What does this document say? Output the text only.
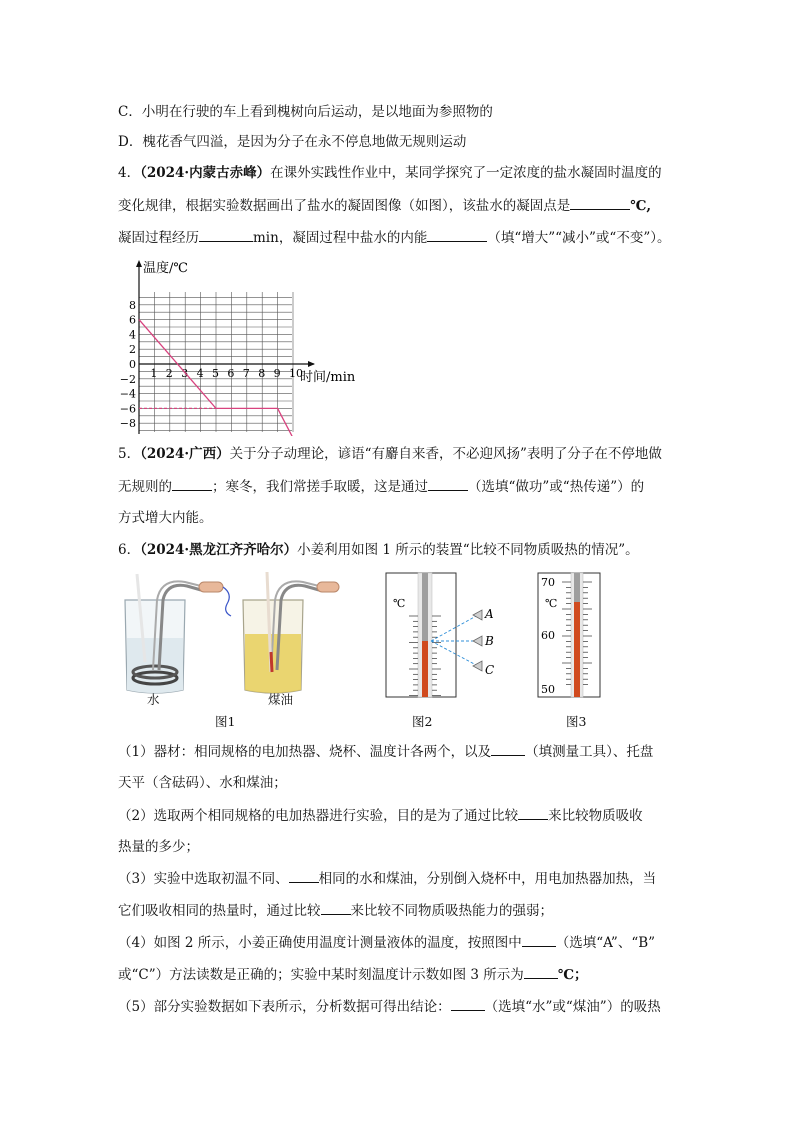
C．小明在行驶的车上看到槐树向后运动，是以地面为参照物的
D．槐花香气四溢，是因为分子在永不停息地做无规则运动
4．（2024·内蒙古赤峰）在课外实践性作业中，某同学探究了一定浓度的盐水凝固时温度的
变化规律，根据实验数据画出了盐水的凝固图像（如图），该盐水的凝固点是	℃,
凝固过程经历	min，凝固过程中盐水的内能	（填“增大”“减小”或“不变”）。
1 2 3 4 5 6 7 8 9 10
8
6
4
2
0
−2
−4
−6
−8
温度/℃
时间/min
5．（2024·广西）关于分子动理论，谚语“有麝自来香，不必迎风扬”表明了分子在不停地做
无规则的	；寒冬，我们常搓手取暖，这是通过	（选填“做功”或“热传递”）的
方式增大内能。
6．（2024·黑龙江齐齐哈尔）小姜利用如图 1 所示的装置“比较不同物质吸热的情况”。
水	煤油
图1
℃
A
B
C
图2
70
℃
60
50
图3
（1）器材：相同规格的电加热器、烧杯、温度计各两个，以及	（填测量工具）、托盘
天平（含砝码）、水和煤油；
（2）选取两个相同规格的电加热器进行实验，目的是为了通过比较 来比较物质吸收
热量的多少；
（3）实验中选取初温不同、 相同的水和煤油，分别倒入烧杯中，用电加热器加热，当
它们吸收相同的热量时，通过比较 来比较不同物质吸热能力的强弱；
（4）如图 2 所示，小姜正确使用温度计测量液体的温度，按照图中	（选填“A”、“B”
或“C”）方法读数是正确的；实验中某时刻温度计示数如图 3 所示为	℃；
（5）部分实验数据如下表所示，分析数据可得出结论：	（选填“水”或“煤油”）的吸热
